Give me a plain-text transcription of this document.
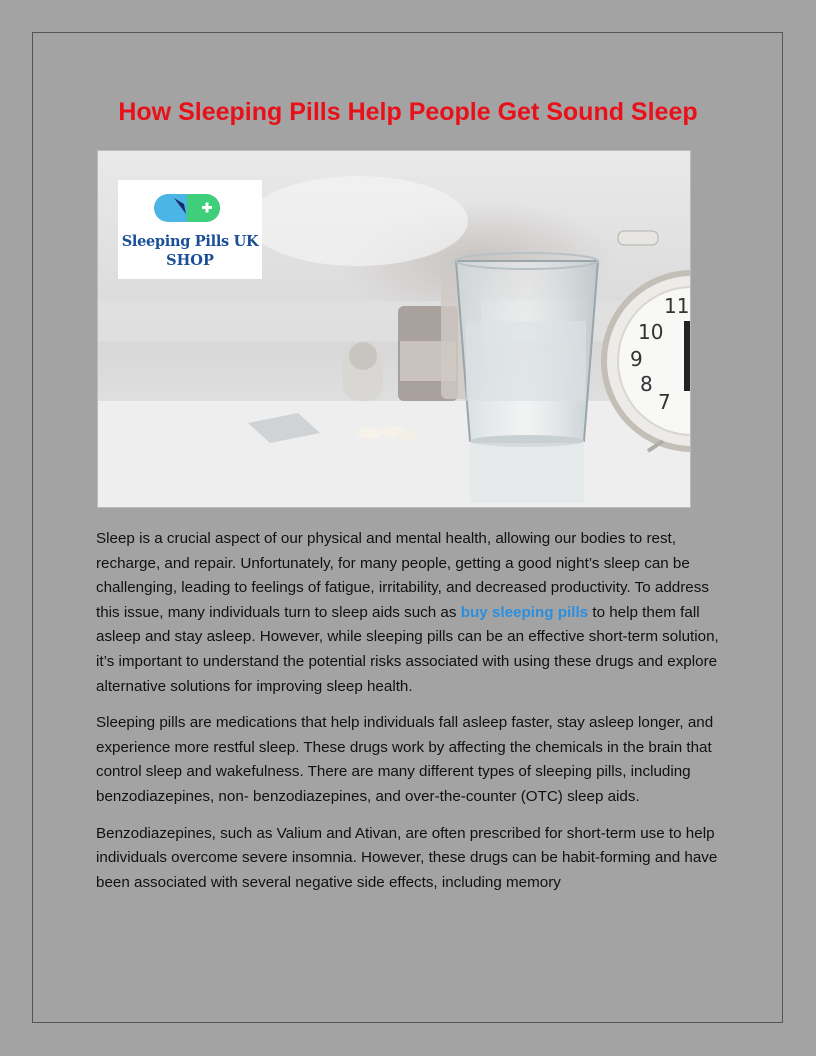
How Sleeping Pills Help People Get Sound Sleep
10
11
9
8
7
Sleeping Pills UK
SHOP

Sleep is a crucial aspect of our physical and mental health, allowing our bodies to rest, recharge, and repair. Unfortunately, for many people, getting a good night’s sleep can be challenging, leading to feelings of fatigue, irritability, and decreased productivity. To address this issue, many individuals turn to sleep aids such as buy sleeping pills to help them fall asleep and stay asleep. However, while sleeping pills can be an effective short-term solution, it’s important to understand the potential risks associated with using these drugs and explore alternative solutions for improving sleep health.

Sleeping pills are medications that help individuals fall asleep faster, stay asleep longer, and experience more restful sleep. These drugs work by affecting the chemicals in the brain that control sleep and wakefulness. There are many different types of sleeping pills, including benzodiazepines, non- benzodiazepines, and over-the-counter (OTC) sleep aids.

Benzodiazepines, such as Valium and Ativan, are often prescribed for short-term use to help individuals overcome severe insomnia. However, these drugs can be habit-forming and have been associated with several negative side effects, including memory
